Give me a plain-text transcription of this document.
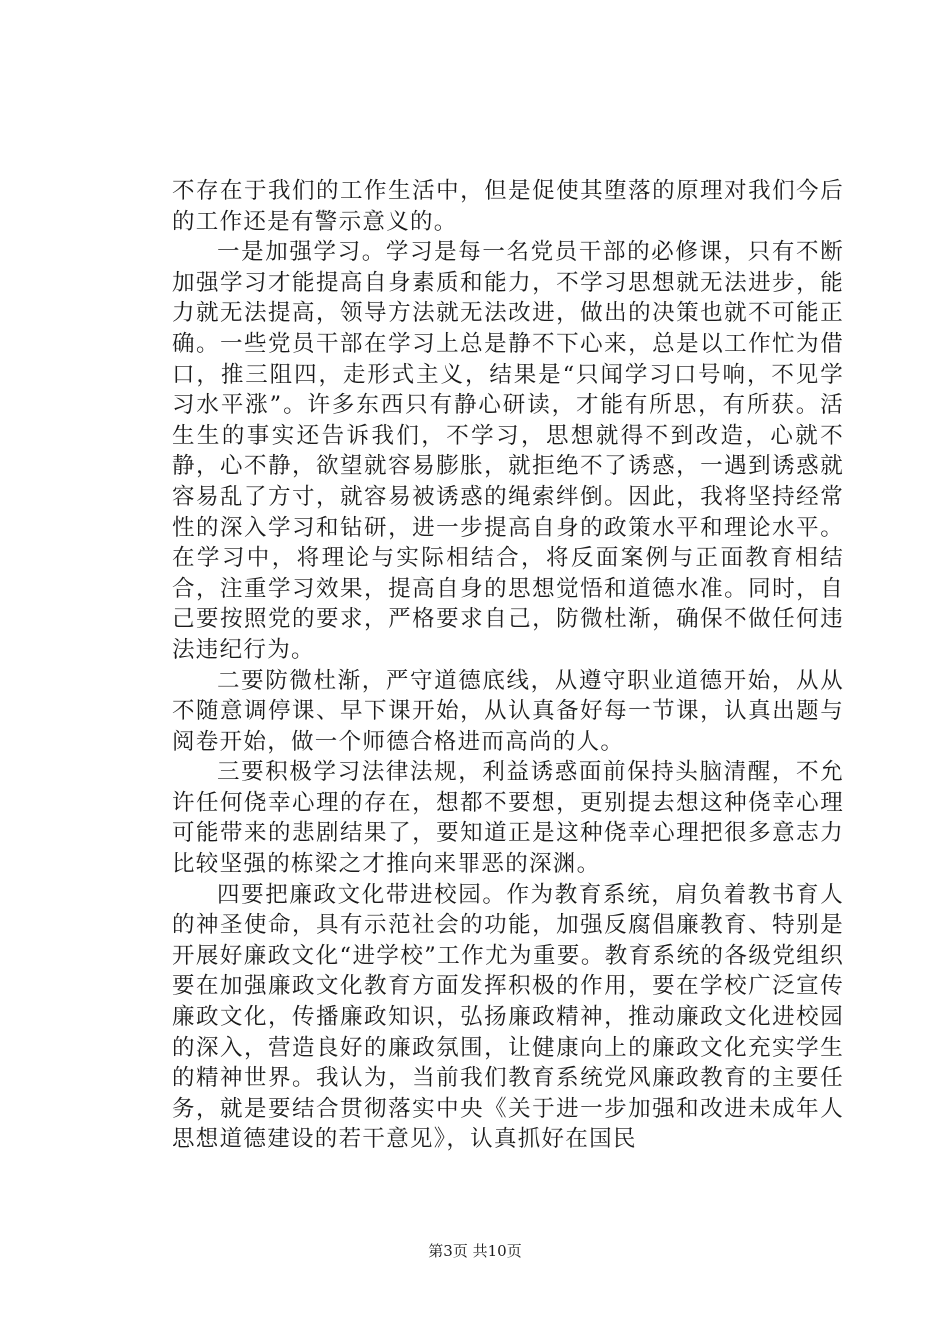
不存在于我们的工作生活中，但是促使其堕落的原理对我们今后的工作还是有警示意义的。

一是加强学习。学习是每一名党员干部的必修课，只有不断加强学习才能提高自身素质和能力，不学习思想就无法进步，能力就无法提高，领导方法就无法改进，做出的决策也就不可能正确。一些党员干部在学习上总是静不下心来，总是以工作忙为借口，推三阻四，走形式主义，结果是“只闻学习口号响，不见学习水平涨”。许多东西只有静心研读，才能有所思，有所获。活生生的事实还告诉我们，不学习，思想就得不到改造，心就不静，心不静，欲望就容易膨胀，就拒绝不了诱惑，一遇到诱惑就容易乱了方寸，就容易被诱惑的绳索绊倒。因此，我将坚持经常性的深入学习和钻研，进一步提高自身的政策水平和理论水平。在学习中，将理论与实际相结合，将反面案例与正面教育相结合，注重学习效果，提高自身的思想觉悟和道德水准。同时，自己要按照党的要求，严格要求自己，防微杜渐，确保不做任何违法违纪行为。

二要防微杜渐，严守道德底线，从遵守职业道德开始，从从不随意调停课、早下课开始，从认真备好每一节课，认真出题与阅卷开始，做一个师德合格进而高尚的人。

三要积极学习法律法规，利益诱惑面前保持头脑清醒，不允许任何侥幸心理的存在，想都不要想，更别提去想这种侥幸心理可能带来的悲剧结果了，要知道正是这种侥幸心理把很多意志力比较坚强的栋梁之才推向来罪恶的深渊。

四要把廉政文化带进校园。作为教育系统，肩负着教书育人的神圣使命，具有示范社会的功能，加强反腐倡廉教育、特别是开展好廉政文化“进学校”工作尤为重要。教育系统的各级党组织要在加强廉政文化教育方面发挥积极的作用，要在学校广泛宣传廉政文化，传播廉政知识，弘扬廉政精神，推动廉政文化进校园的深入，营造良好的廉政氛围，让健康向上的廉政文化充实学生的精神世界。我认为，当前我们教育系统党风廉政教育的主要任务，就是要结合贯彻落实中央《关于进一步加强和改进未成年人思想道德建设的若干意见》，认真抓好在国民

第3页 共10页
